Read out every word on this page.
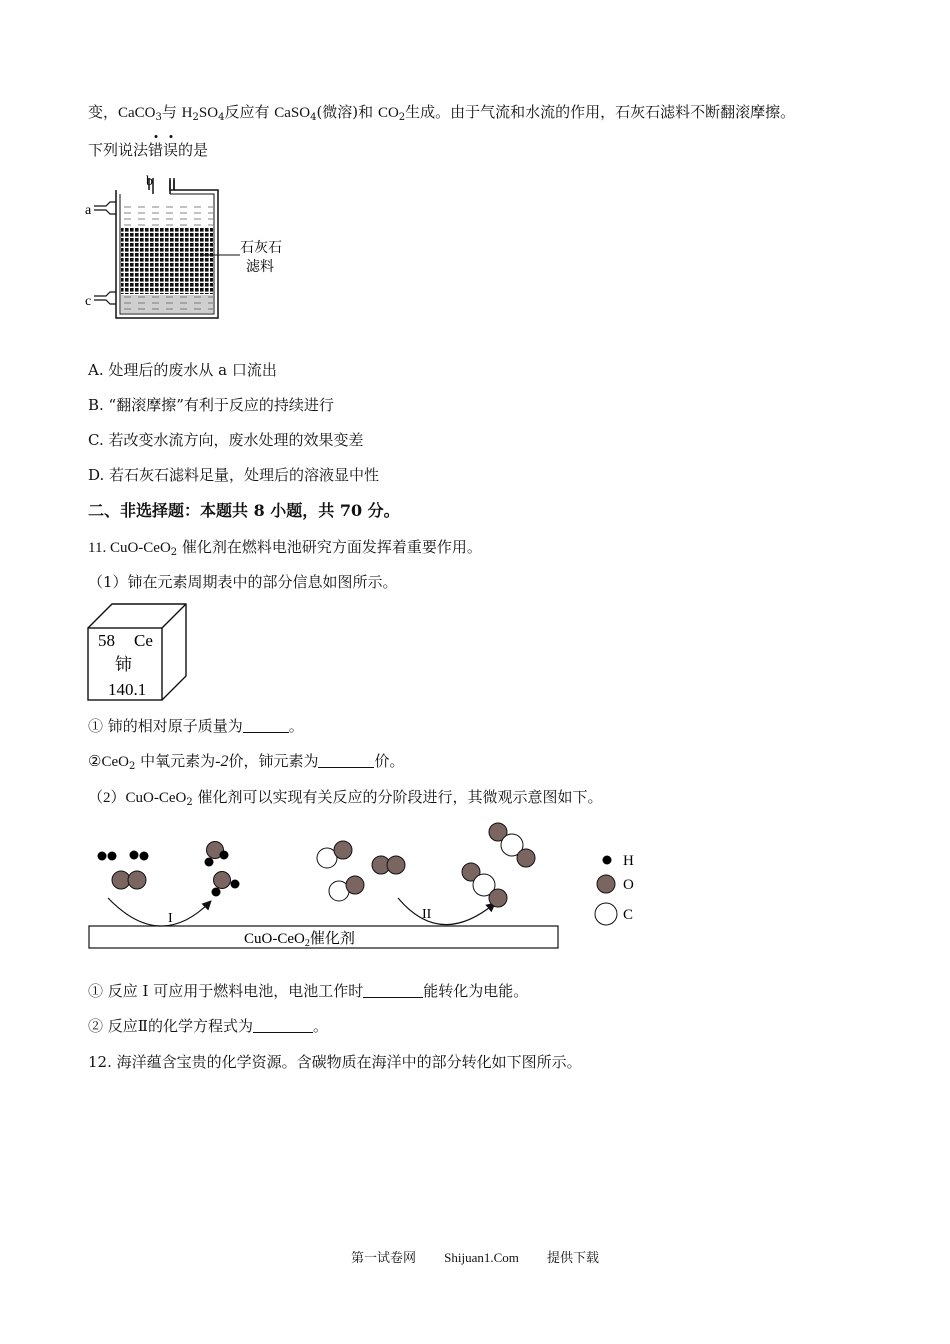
变，CaCO$_3$与 $H_2SO_4$反应有 CaSO$_4$(微溶)和 $CO_2$生成。由于气流和水流的作用，石灰石滤料不断翻滚摩擦。
下列说法错误的是
a
b
c
石灰石
滤料
A. 处理后的废水从 a 口流出
B. “翻滚摩擦”有利于反应的持续进行
C. 若改变水流方向，废水处理的效果变差
D. 若石灰石滤料足量，处理后的溶液显中性
二、非选择题：本题共 8 小题，共 70 分。
11. CuO-CeO$_2$ 催化剂在燃料电池研究方面发挥着重要作用。
（1）铈在元素周期表中的部分信息如图所示。
58 Ce
铈
140.1
① 铈的相对原子质量为	。
②CeO$_2$ 中氧元素为-2价，铈元素为	价。
（2）CuO-CeO$_2$ 催化剂可以实现有关反应的分阶段进行，其微观示意图如下。
CuO-CeO$_2$催化剂
I	II
H
O
C
① 反应 I 可应用于燃料电池，电池工作时	能转化为电能。
② 反应Ⅱ的化学方程式为	。
12. 海洋蕴含宝贵的化学资源。含碳物质在海洋中的部分转化如下图所示。
第一试卷网 Shijuan1.Com 提供下载
